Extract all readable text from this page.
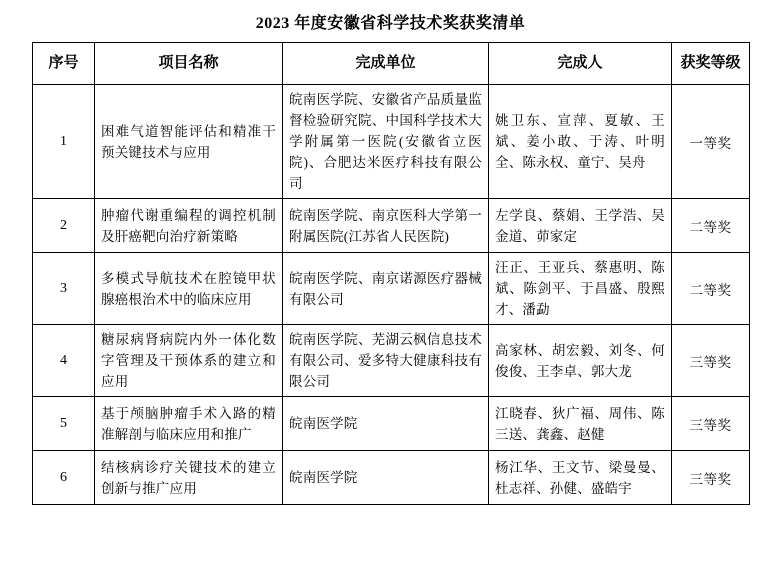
2023 年度安徽省科学技术奖获奖清单
序号	项目名称	完成单位	完成人	获奖等级
1	困难气道智能评估和精准干预关键技术与应用	皖南医学院、安徽省产品质量监督检验研究院、中国科学技术大学附属第一医院(安徽省立医院)、合肥达米医疗科技有限公司	姚卫东、宣萍、夏敏、王斌、姜小敢、于涛、叶明全、陈永权、童宁、吴舟	一等奖
2	肿瘤代谢重编程的调控机制及肝癌靶向治疗新策略	皖南医学院、南京医科大学第一附属医院(江苏省人民医院)	左学良、蔡娟、王学浩、吴金道、茆家定	二等奖
3	多模式导航技术在腔镜甲状腺癌根治术中的临床应用	皖南医学院、南京诺源医疗器械有限公司	汪正、王亚兵、蔡惠明、陈斌、陈剑平、于昌盛、殷熙才、潘勐	二等奖
4	糖尿病肾病院内外一体化数字管理及干预体系的建立和应用	皖南医学院、芜湖云枫信息技术有限公司、爱多特大健康科技有限公司	高家林、胡宏毅、刘冬、何俊俊、王李卓、郭大龙	三等奖
5	基于颅脑肿瘤手术入路的精准解剖与临床应用和推广	皖南医学院	江晓春、狄广福、周伟、陈三送、龚鑫、赵健	三等奖
6	结核病诊疗关键技术的建立创新与推广应用	皖南医学院	杨江华、王文节、梁曼曼、杜志祥、孙健、盛皓宇	三等奖
